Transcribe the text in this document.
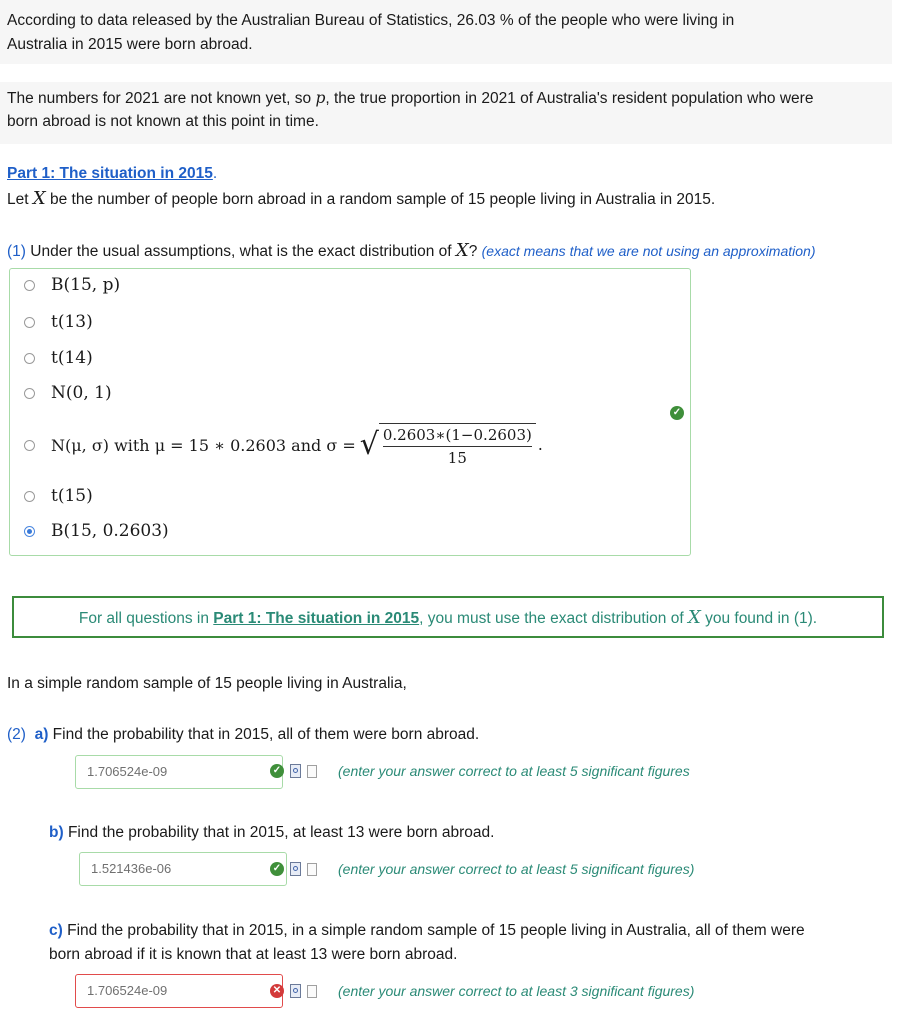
According to data released by the Australian Bureau of Statistics, 26.03 % of the people who were living in
Australia in 2015 were born abroad.
The numbers for 2021 are not known yet, so p, the true proportion in 2021 of Australia's resident population who were
born abroad is not known at this point in time.
Part 1: The situation in 2015.
Let X be the number of people born abroad in a random sample of 15 people living in Australia in 2015.
(1) Under the usual assumptions, what is the exact distribution of X? (exact means that we are not using an approximation)
B(15, p)
t(13)
t(14)
N(0, 1)
N(μ, σ) with μ = 15 ∗ 0.2603 and σ = √ $\frac{0.2603∗(1-0.2603)}{15}$ .
t(15)
B(15, 0.2603)
✓
For all questions in Part 1: The situation in 2015, you must use the exact distribution of X you found in (1).
In a simple random sample of 15 people living in Australia,
(2) a) Find the probability that in 2015, all of them were born abroad.
1.706524e-09	✓	(enter your answer correct to at least 5 significant figures
b) Find the probability that in 2015, at least 13 were born abroad.
1.521436e-06	✓	(enter your answer correct to at least 5 significant figures)
c) Find the probability that in 2015, in a simple random sample of 15 people living in Australia, all of them were
born abroad if it is known that at least 13 were born abroad.
1.706524e-09	✕	(enter your answer correct to at least 3 significant figures)
